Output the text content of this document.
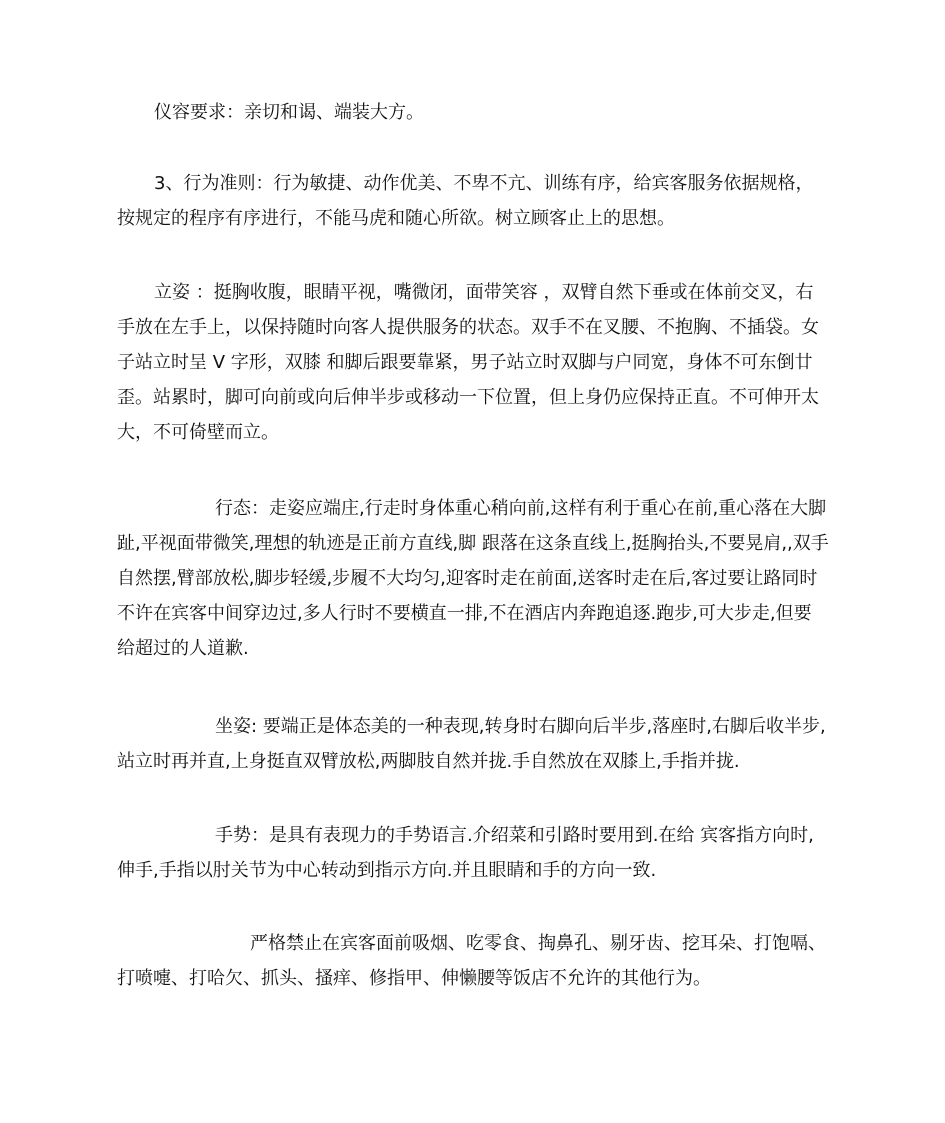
仪容要求：亲切和谒、端装大方。

3、行为准则：行为敏捷、动作优美、不卑不亢、训练有序，给宾客服务依据规格，按规定的程序有序进行，不能马虎和随心所欲。树立顾客止上的思想。

立姿 ：挺胸收腹，眼睛平视，嘴微闭，面带笑容 ，双臂自然下垂或在体前交叉，右手放在左手上，以保持随时向客人提供服务的状态。双手不在叉腰、不抱胸、不插袋。女子站立时呈 V 字形，双膝 和脚后跟要靠紧，男子站立时双脚与户同宽，身体不可东倒廿歪。站累时，脚可向前或向后伸半步或移动一下位置，但上身仍应保持正直。不可伸开太大，不可倚壁而立。

行态：走姿应端庄,行走时身体重心稍向前,这样有利于重心在前,重心落在大脚趾,平视面带微笑,理想的轨迹是正前方直线,脚 跟落在这条直线上,挺胸抬头,不要晃肩,,双手自然摆,臂部放松,脚步轻缓,步履不大均匀,迎客时走在前面,送客时走在后,客过要让路同时不许在宾客中间穿边过,多人行时不要横直一排,不在酒店内奔跑追逐.跑步,可大步走,但要给超过的人道歉.

坐姿: 要端正是体态美的一种表现,转身时右脚向后半步,落座时,右脚后收半步,站立时再并直,上身挺直双臂放松,两脚肢自然并拢.手自然放在双膝上,手指并拢.

手势：是具有表现力的手势语言.介绍菜和引路时要用到.在给 宾客指方向时,伸手,手指以肘关节为中心转动到指示方向.并且眼睛和手的方向一致.

严格禁止在宾客面前吸烟、吃零食、掏鼻孔、剔牙齿、挖耳朵、打饱嗝、打喷嚏、打哈欠、抓头、搔痒、修指甲、伸懒腰等饭店不允许的其他行为。
